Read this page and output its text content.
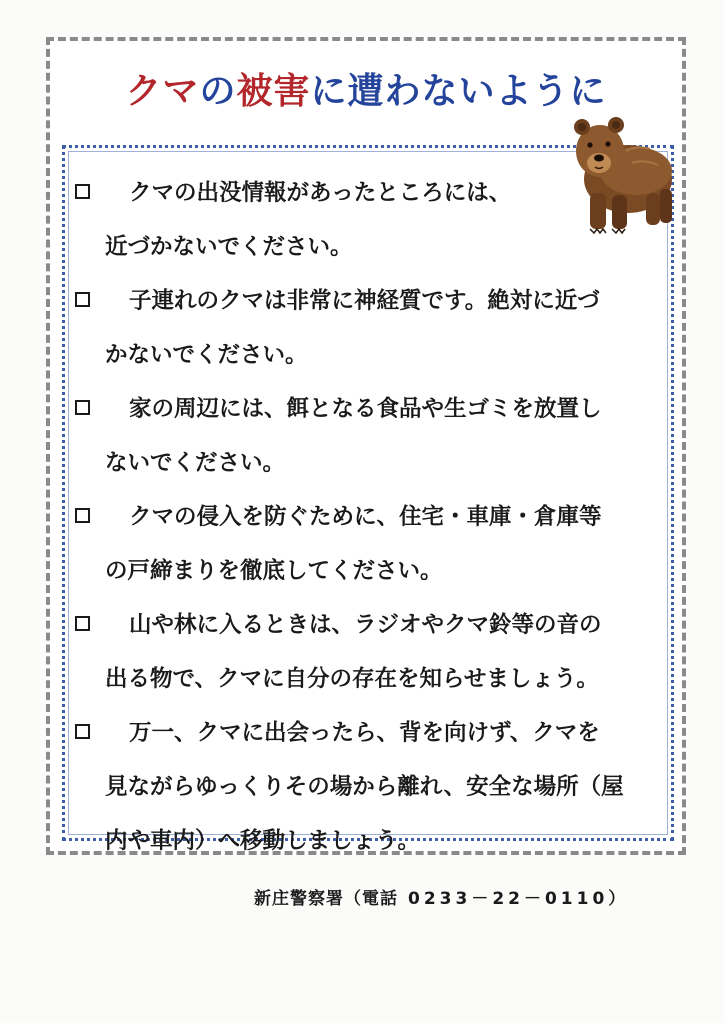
クマの被害に遭わないように
クマの出没情報があったところには、
近づかないでください。
子連れのクマは非常に神経質です。絶対に近づ
かないでください。
家の周辺には、餌となる食品や生ゴミを放置し
ないでください。
クマの侵入を防ぐために、住宅・車庫・倉庫等
の戸締まりを徹底してください。
山や林に入るときは、ラジオやクマ鈴等の音の
出る物で、クマに自分の存在を知らせましょう。
万一、クマに出会ったら、背を向けず、クマを
見ながらゆっくりその場から離れ、安全な場所（屋
内や車内）へ移動しましょう。
新庄警察署（電話 0233－22－0110）
